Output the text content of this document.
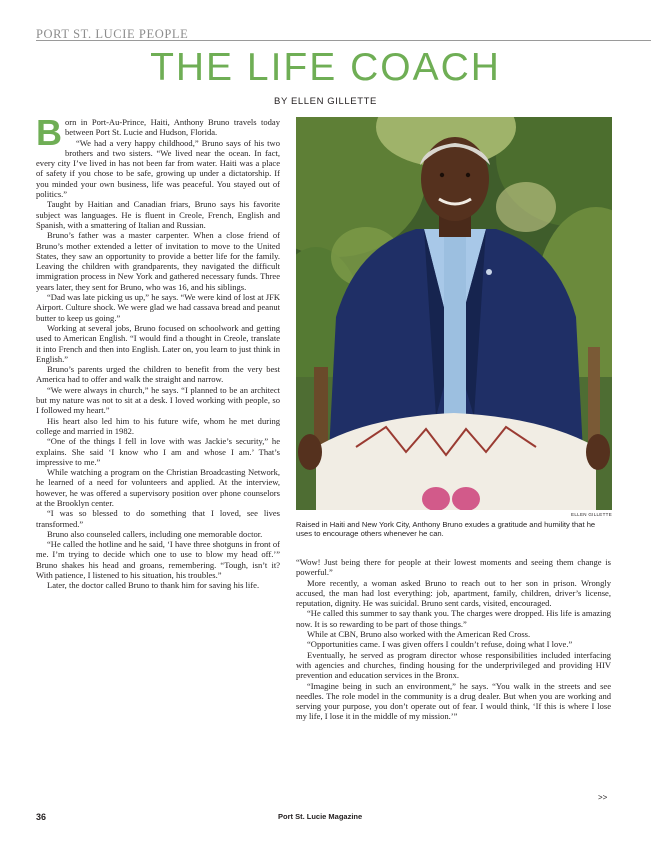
PORT ST. LUCIE PEOPLE
THE LIFE COACH
BY ELLEN GILLETTE

Born in Port-Au-Prince, Haiti, Anthony Bruno travels today between Port St. Lucie and Hudson, Florida.

“We had a very happy childhood,” Bruno says of his two brothers and two sisters. “We lived near the ocean. In fact, every city I’ve lived in has not been far from water. Haiti was a place of safety if you chose to be safe, growing up under a dictatorship. If you minded your own business, life was peaceful. You stayed out of politics.”

Taught by Haitian and Canadian friars, Bruno says his favorite subject was languages. He is fluent in Creole, French, English and Spanish, with a smattering of Italian and Russian.

Bruno’s father was a master carpenter. When a close friend of Bruno’s mother extended a letter of invitation to move to the United States, they saw an opportunity to provide a better life for the family. Leaving the children with grandparents, they navigated the difficult immigration process in New York and gathered necessary funds. Three years later, they sent for Bruno, who was 16, and his siblings.

“Dad was late picking us up,” he says. “We were kind of lost at JFK Airport. Culture shock. We were glad we had cassava bread and peanut butter to keep us going.”

Working at several jobs, Bruno focused on schoolwork and getting used to American English. “I would find a thought in Creole, translate it into French and then into English. Later on, you learn to just think in English.”

Bruno’s parents urged the children to benefit from the very best America had to offer and walk the straight and narrow.

“We were always in church,” he says. “I planned to be an architect but my nature was not to sit at a desk. I loved working with people, so I followed my heart.”

His heart also led him to his future wife, whom he met during college and married in 1982.

“One of the things I fell in love with was Jackie’s security,” he explains. She said ‘I know who I am and whose I am.’ That’s impressive to me.”

While watching a program on the Christian Broadcasting Network, he learned of a need for volunteers and applied. At the interview, however, he was offered a supervisory position over phone counselors at the Brooklyn center.

“I was so blessed to do something that I loved, see lives transformed.”

Bruno also counseled callers, including one memorable doctor.

“He called the hotline and he said, ‘I have three shotguns in front of me. I’m trying to decide which one to use to blow my head off.’” Bruno shakes his head and groans, remembering. “Tough, isn’t it? With patience, I listened to his situation, his troubles.”

Later, the doctor called Bruno to thank him for saving his life.

ELLEN GILLETTE

Raised in Haiti and New York City, Anthony Bruno exudes a gratitude and humility that he uses to encourage others whenever he can.

“Wow! Just being there for people at their lowest moments and seeing them change is powerful.”

More recently, a woman asked Bruno to reach out to her son in prison. Wrongly accused, the man had lost everything: job, apartment, family, children, driver’s license, reputation, dignity. He was suicidal. Bruno sent cards, visited, encouraged.

“He called this summer to say thank you. The charges were dropped. His life is amazing now. It is so rewarding to be part of those things.”

While at CBN, Bruno also worked with the American Red Cross.

“Opportunities came. I was given offers I couldn’t refuse, doing what I love.”

Eventually, he served as program director whose responsibilities included interfacing with agencies and churches, finding housing for the underprivileged and providing HIV prevention and education services in the Bronx.

“Imagine being in such an environment,” he says. “You walk in the streets and see needles. The role model in the community is a drug dealer. But when you are working and serving your purpose, you don’t operate out of fear. I would think, ‘If this is where I lose my life, I lose it in the middle of my mission.’”

>>
36	Port St. Lucie Magazine
